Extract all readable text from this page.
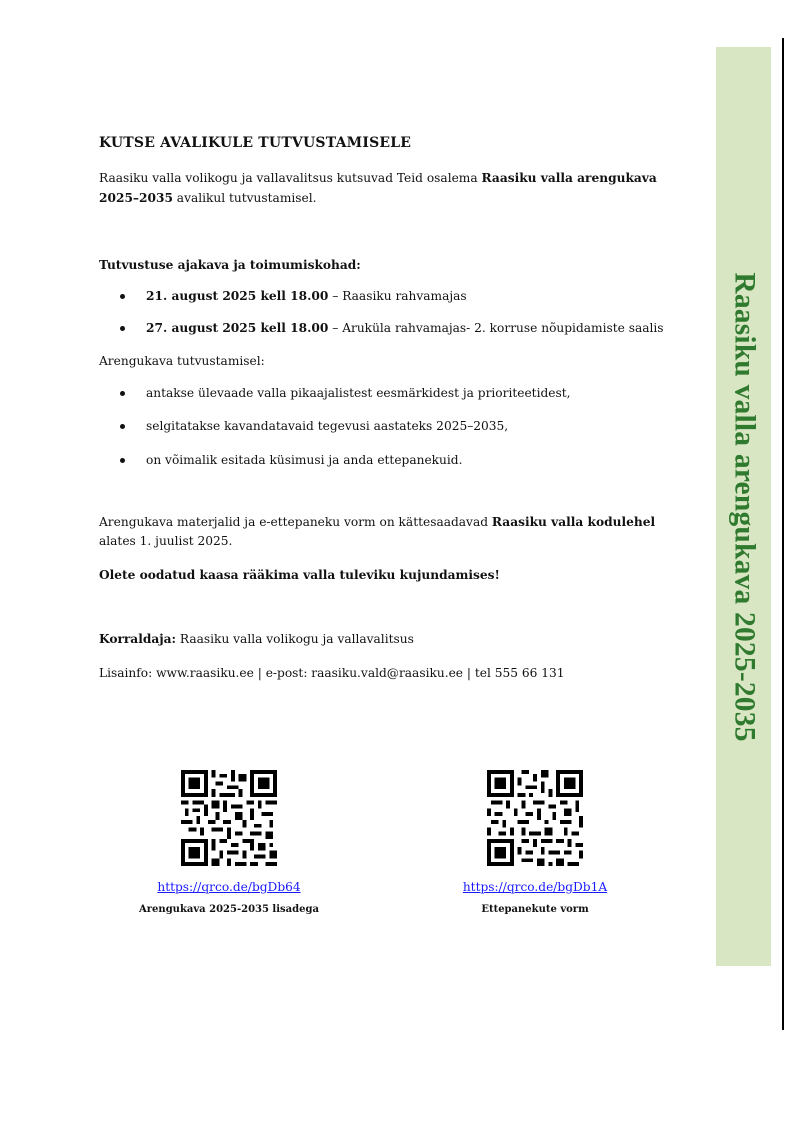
Raasiku valla arengukava 2025-2035
KUTSE AVALIKULE TUTVUSTAMISELE
Raasiku valla volikogu ja vallavalitsus kutsuvad Teid osalema Raasiku valla arengukava
2025–2035 avalikul tutvustamisel.
Tutvustuse ajakava ja toimumiskohad:
21. august 2025 kell 18.00 – Raasiku rahvamajas
27. august 2025 kell 18.00 – Aruküla rahvamajas- 2. korruse nõupidamiste saalis
Arengukava tutvustamisel:
antakse ülevaade valla pikaajalistest eesmärkidest ja prioriteetidest,
selgitatakse kavandatavaid tegevusi aastateks 2025–2035,
on võimalik esitada küsimusi ja anda ettepanekuid.
Arengukava materjalid ja e-ettepaneku vorm on kättesaadavad Raasiku valla kodulehel
alates 1. juulist 2025.
Olete oodatud kaasa rääkima valla tuleviku kujundamises!
Korraldaja: Raasiku valla volikogu ja vallavalitsus
Lisainfo: www.raasiku.ee | e-post: raasiku.vald@raasiku.ee | tel 555 66 131
https://qrco.de/bgDb64
Arengukava 2025-2035 lisadega
https://qrco.de/bgDb1A
Ettepanekute vorm
